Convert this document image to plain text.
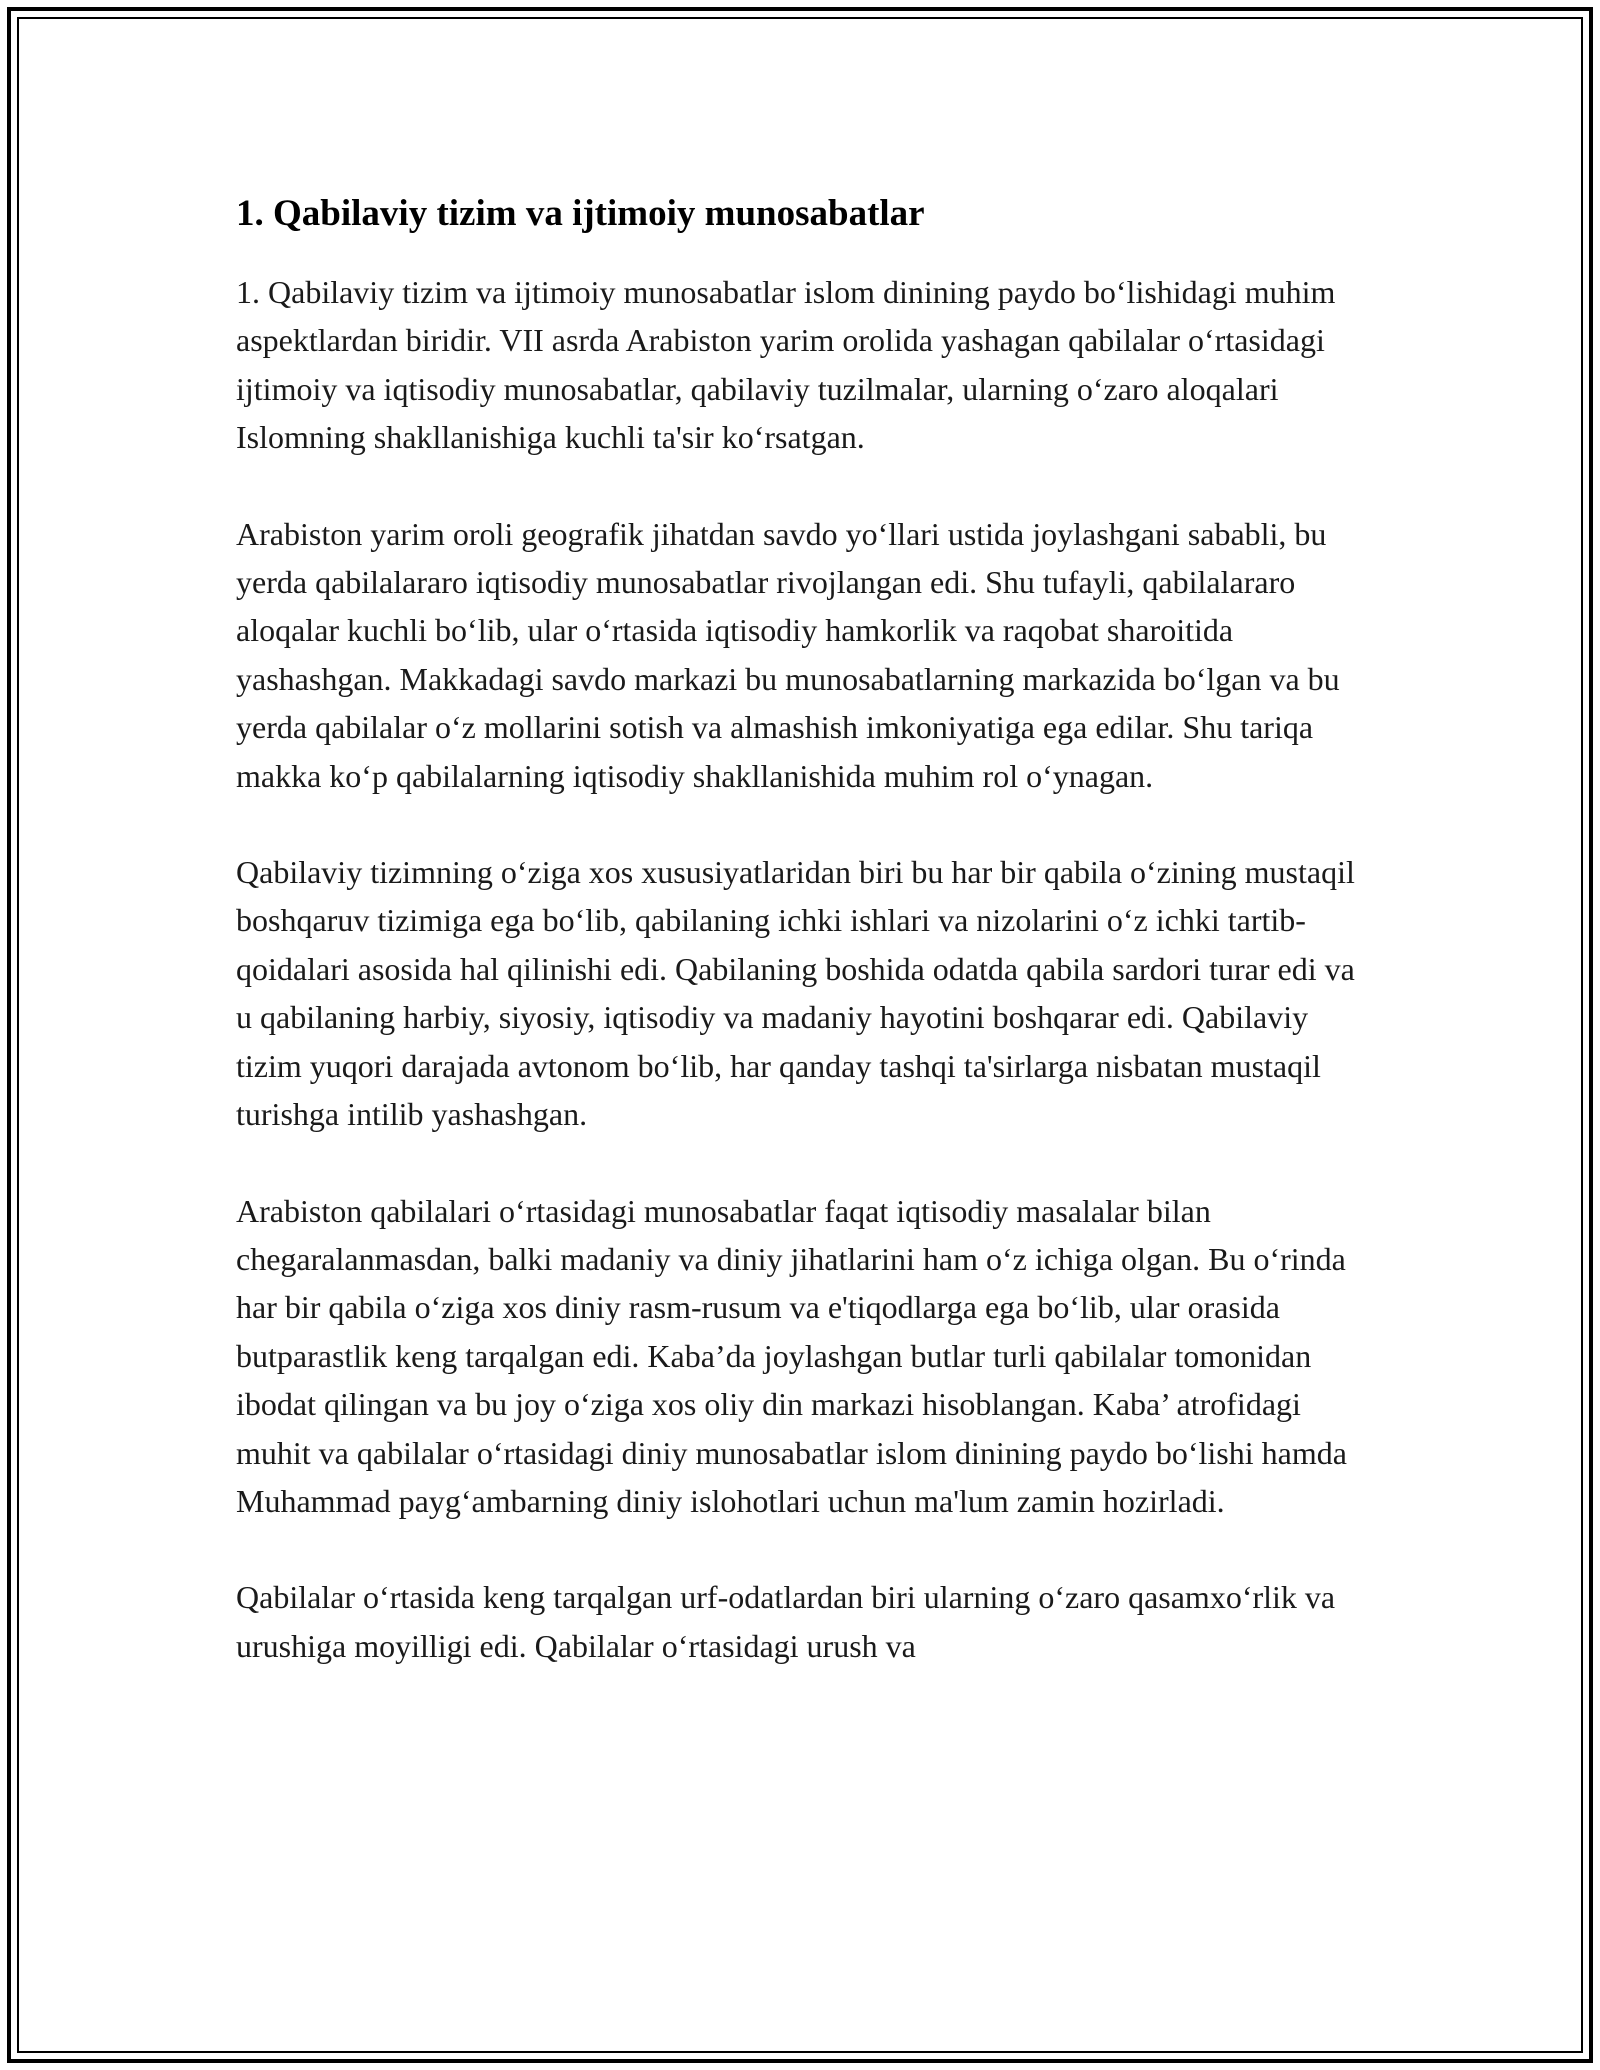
1. Qabilaviy tizim va ijtimoiy munosabatlar

1. Qabilaviy tizim va ijtimoiy munosabatlar islom dinining paydo bo‘lishidagi muhim aspektlardan biridir. VII asrda Arabiston yarim orolida yashagan qabilalar o‘rtasidagi ijtimoiy va iqtisodiy munosabatlar, qabilaviy tuzilmalar, ularning o‘zaro aloqalari Islomning shakllanishiga kuchli ta'sir ko‘rsatgan.

Arabiston yarim oroli geografik jihatdan savdo yo‘llari ustida joylashgani sababli, bu yerda qabilalararo iqtisodiy munosabatlar rivojlangan edi. Shu tufayli, qabilalararo aloqalar kuchli bo‘lib, ular o‘rtasida iqtisodiy hamkorlik va raqobat sharoitida yashashgan. Makkadagi savdo markazi bu munosabatlarning markazida bo‘lgan va bu yerda qabilalar o‘z mollarini sotish va almashish imkoniyatiga ega edilar. Shu tariqa makka ko‘p qabilalarning iqtisodiy shakllanishida muhim rol o‘ynagan.

Qabilaviy tizimning o‘ziga xos xususiyatlaridan biri bu har bir qabila o‘zining mustaqil boshqaruv tizimiga ega bo‘lib, qabilaning ichki ishlari va nizolarini o‘z ichki tartib-qoidalari asosida hal qilinishi edi. Qabilaning boshida odatda qabila sardori turar edi va u qabilaning harbiy, siyosiy, iqtisodiy va madaniy hayotini boshqarar edi. Qabilaviy tizim yuqori darajada avtonom bo‘lib, har qanday tashqi ta'sirlarga nisbatan mustaqil turishga intilib yashashgan.

Arabiston qabilalari o‘rtasidagi munosabatlar faqat iqtisodiy masalalar bilan chegaralanmasdan, balki madaniy va diniy jihatlarini ham o‘z ichiga olgan. Bu o‘rinda har bir qabila o‘ziga xos diniy rasm-rusum va e'tiqodlarga ega bo‘lib, ular orasida butparastlik keng tarqalgan edi. Kaba’da joylashgan butlar turli qabilalar tomonidan ibodat qilingan va bu joy o‘ziga xos oliy din markazi hisoblangan. Kaba’ atrofidagi muhit va qabilalar o‘rtasidagi diniy munosabatlar islom dinining paydo bo‘lishi hamda Muhammad payg‘ambarning diniy islohotlari uchun ma'lum zamin hozirladi.

Qabilalar o‘rtasida keng tarqalgan urf-odatlardan biri ularning o‘zaro qasamxo‘rlik va urushiga moyilligi edi. Qabilalar o‘rtasidagi urush va
